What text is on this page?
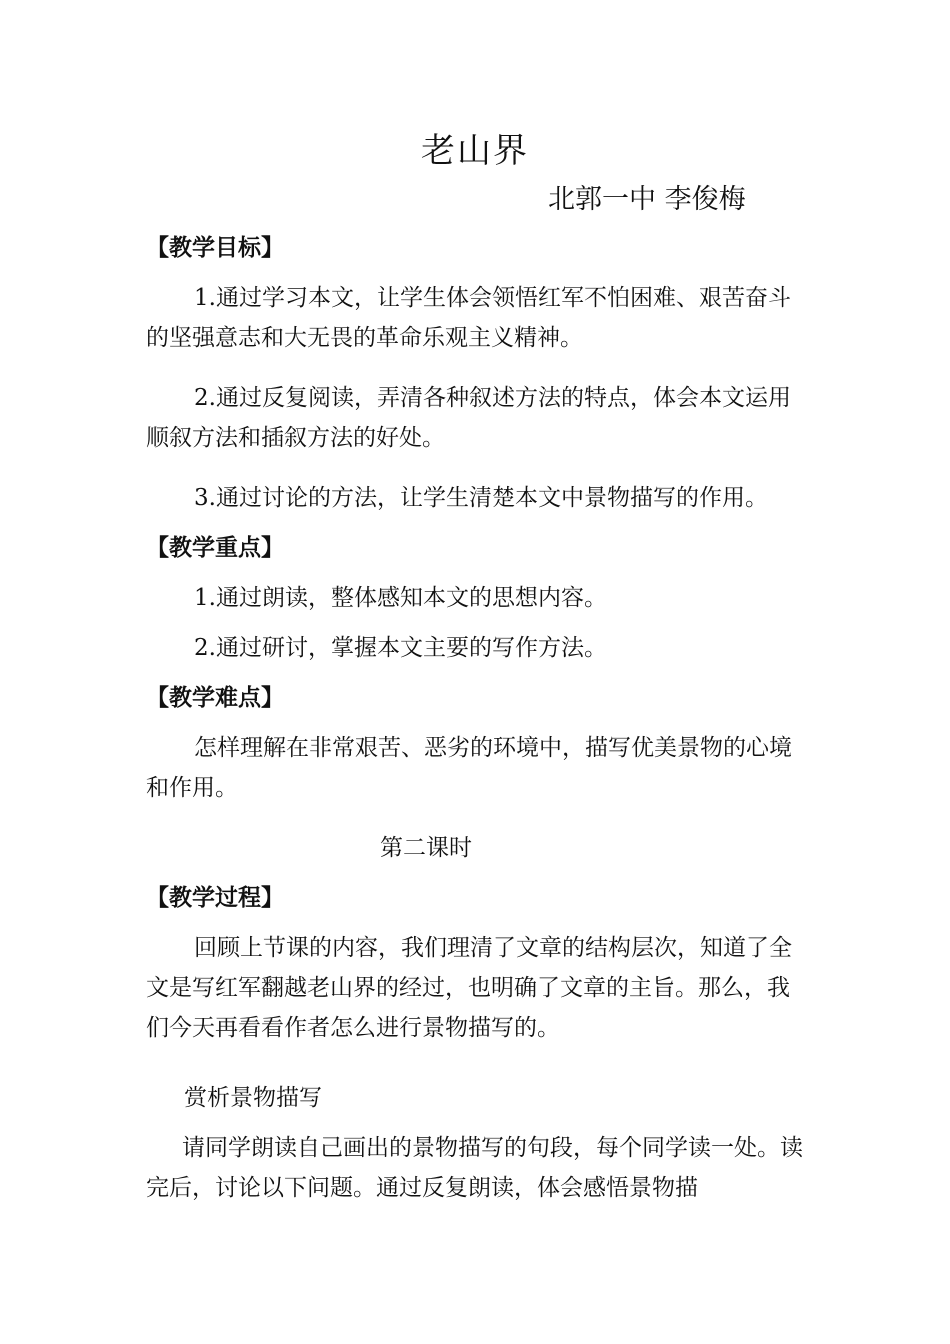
老山界
北郭一中 李俊梅
【教学目标】
1.通过学习本文，让学生体会领悟红军不怕困难、艰苦奋斗的坚强意志和大无畏的革命乐观主义精神。
2.通过反复阅读，弄清各种叙述方法的特点，体会本文运用顺叙方法和插叙方法的好处。
3.通过讨论的方法，让学生清楚本文中景物描写的作用。
【教学重点】
1.通过朗读，整体感知本文的思想内容。
2.通过研讨，掌握本文主要的写作方法。
【教学难点】
怎样理解在非常艰苦、恶劣的环境中，描写优美景物的心境和作用。
第二课时
【教学过程】
回顾上节课的内容，我们理清了文章的结构层次，知道了全文是写红军翻越老山界的经过，也明确了文章的主旨。那么，我们今天再看看作者怎么进行景物描写的。
赏析景物描写
请同学朗读自己画出的景物描写的句段，每个同学读一处。读完后，讨论以下问题。通过反复朗读，体会感悟景物描
